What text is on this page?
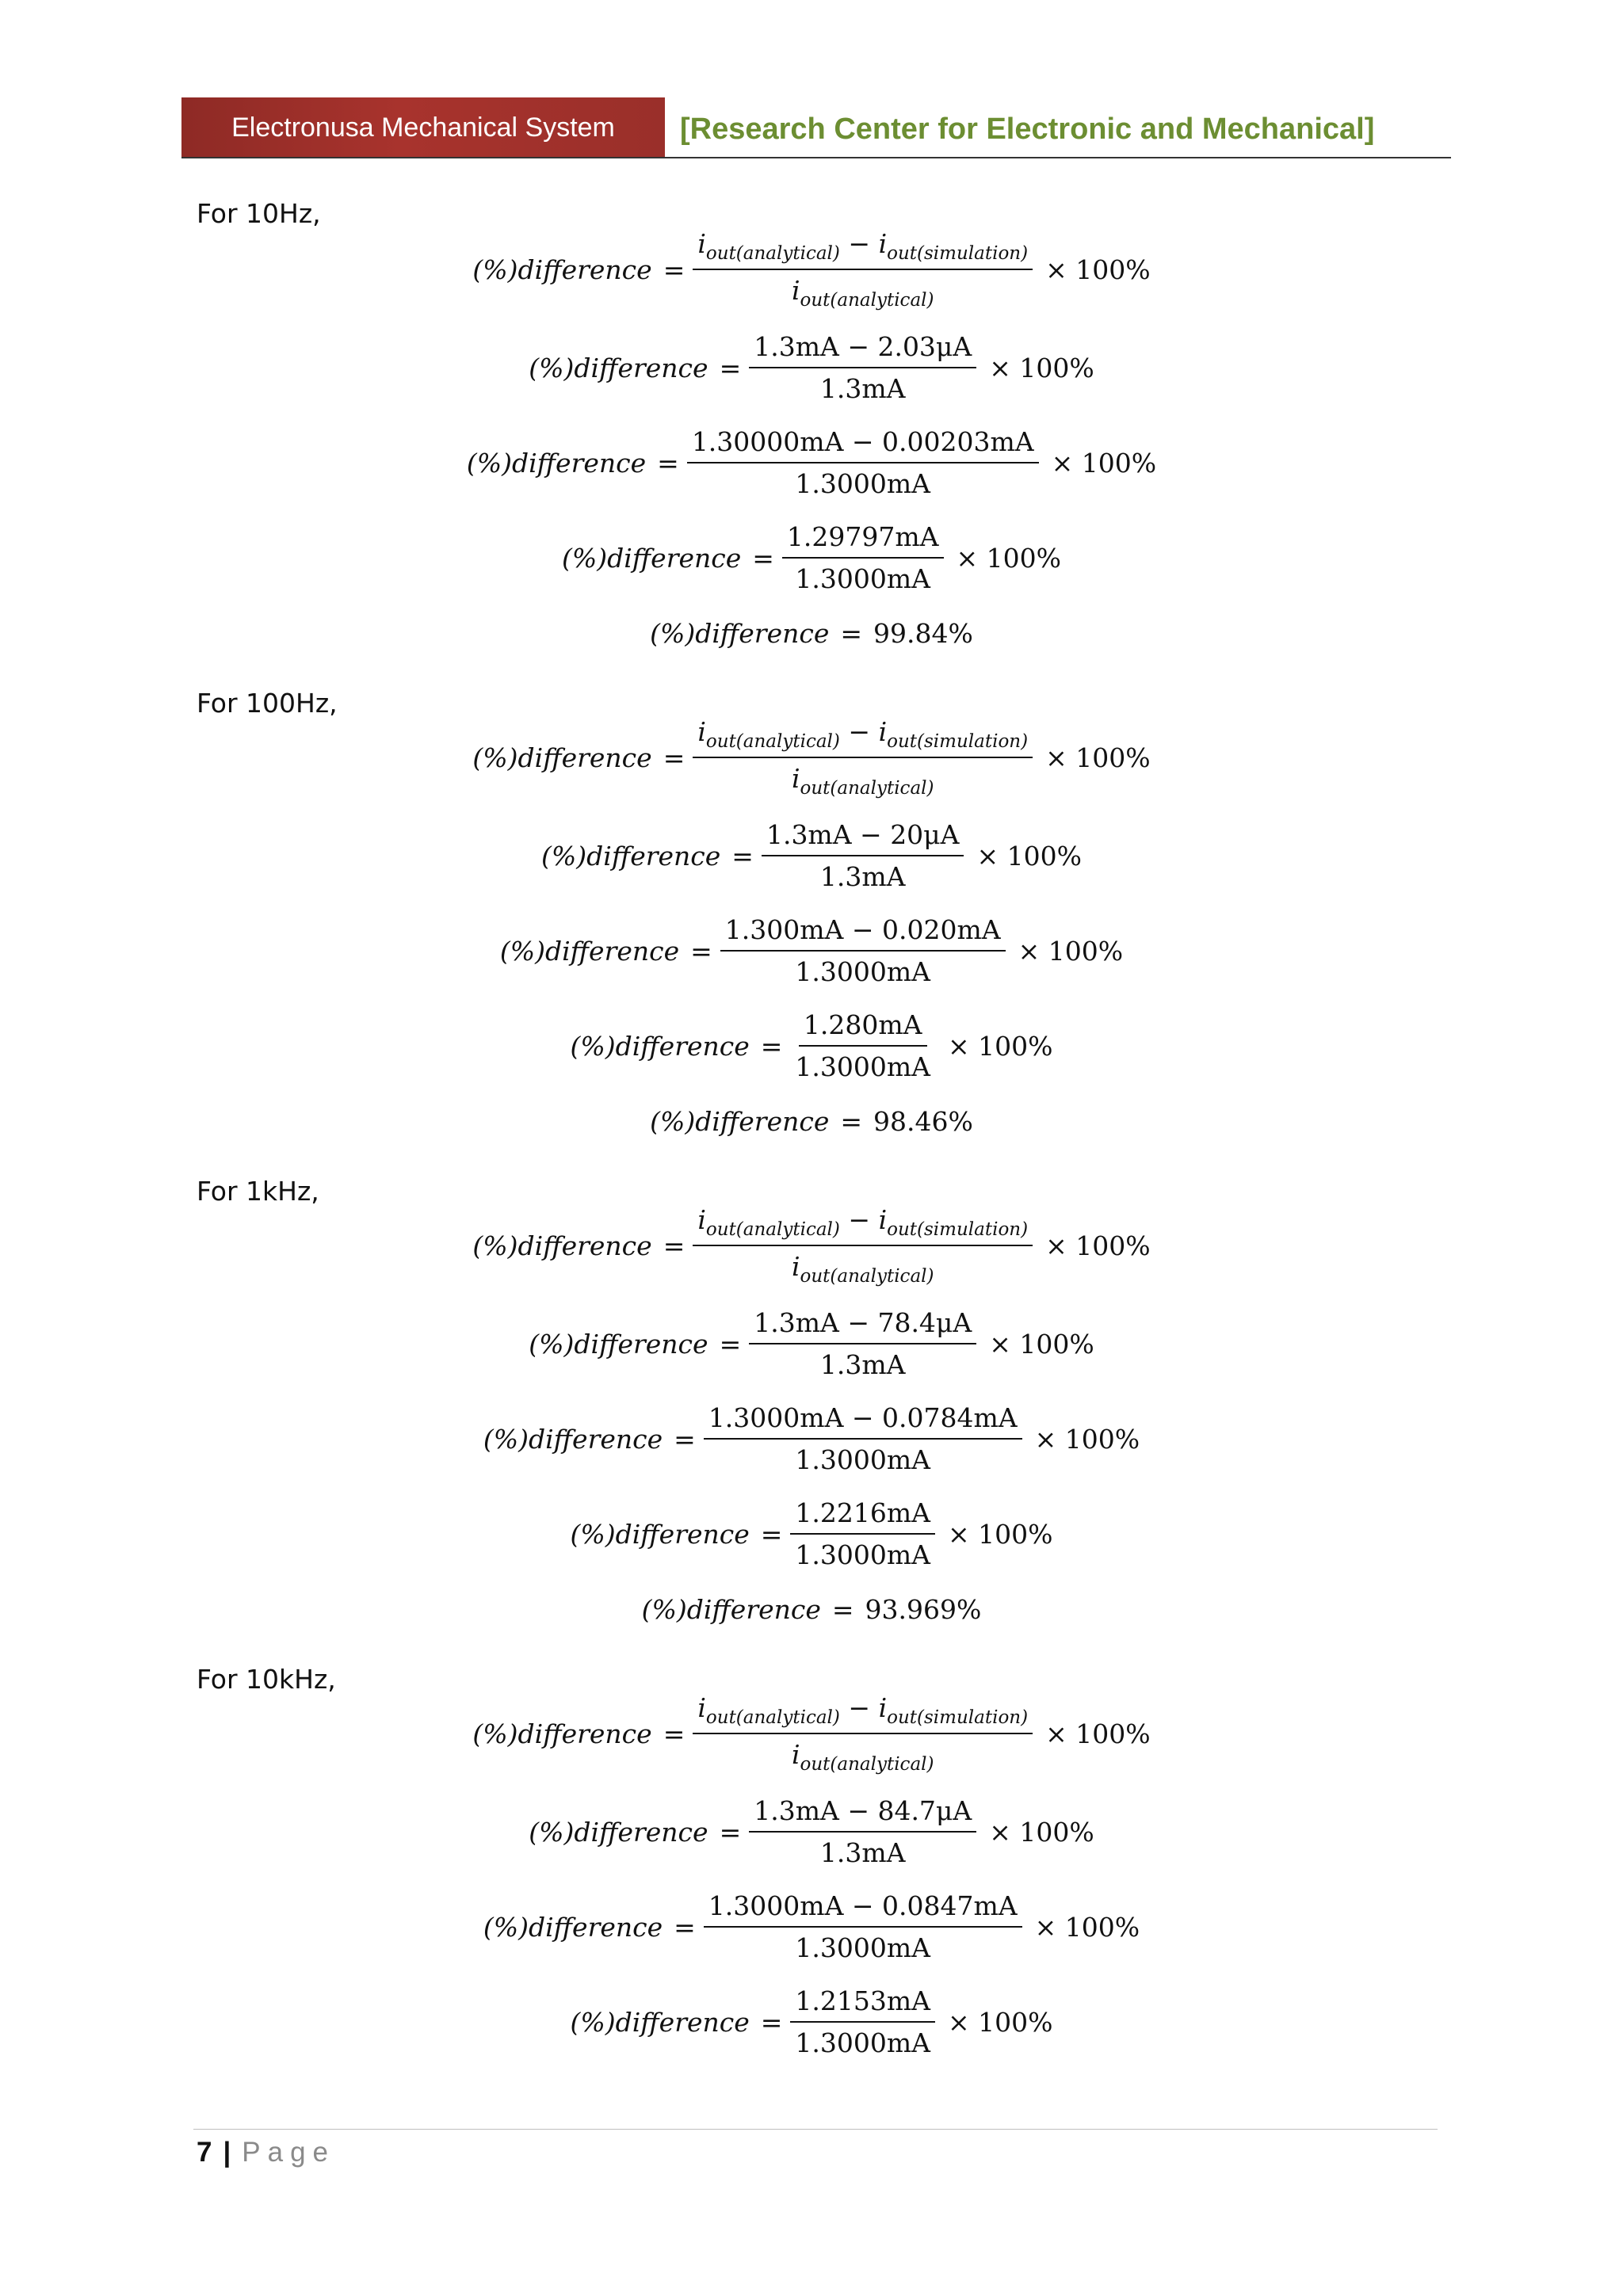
Electronusa Mechanical System	[Research Center for Electronic and Mechanical]
For 10Hz,
(%)difference = $\frac{i_{out(analytical)} - i_{out(simulation)}}{i_{out(analytical)}} \times 100\%$
(%)difference = $\frac{1.3mA - 2.03\mu A}{1.3mA} \times 100\%$
(%)difference = $\frac{1.30000mA - 0.00203mA}{1.3000mA} \times 100\%$
(%)difference = $\frac{1.29797mA}{1.3000mA} \times 100\%$
(%)difference = 99.84%
For 100Hz,
(%)difference = $\frac{i_{out(analytical)} - i_{out(simulation)}}{i_{out(analytical)}} \times 100\%$
(%)difference = $\frac{1.3mA - 20\mu A}{1.3mA} \times 100\%$
(%)difference = $\frac{1.300mA - 0.020mA}{1.3000mA} \times 100\%$
(%)difference = $\frac{1.280mA}{1.3000mA} \times 100\%$
(%)difference = 98.46%
For 1kHz,
(%)difference = $\frac{i_{out(analytical)} - i_{out(simulation)}}{i_{out(analytical)}} \times 100\%$
(%)difference = $\frac{1.3mA - 78.4\mu A}{1.3mA} \times 100\%$
(%)difference = $\frac{1.3000mA - 0.0784mA}{1.3000mA} \times 100\%$
(%)difference = $\frac{1.2216mA}{1.3000mA} \times 100\%$
(%)difference = 93.969%
For 10kHz,
(%)difference = $\frac{i_{out(analytical)} - i_{out(simulation)}}{i_{out(analytical)}} \times 100\%$
(%)difference = $\frac{1.3mA - 84.7\mu A}{1.3mA} \times 100\%$
(%)difference = $\frac{1.3000mA - 0.0847mA}{1.3000mA} \times 100\%$
(%)difference = $\frac{1.2153mA}{1.3000mA} \times 100\%$
7 | Page
